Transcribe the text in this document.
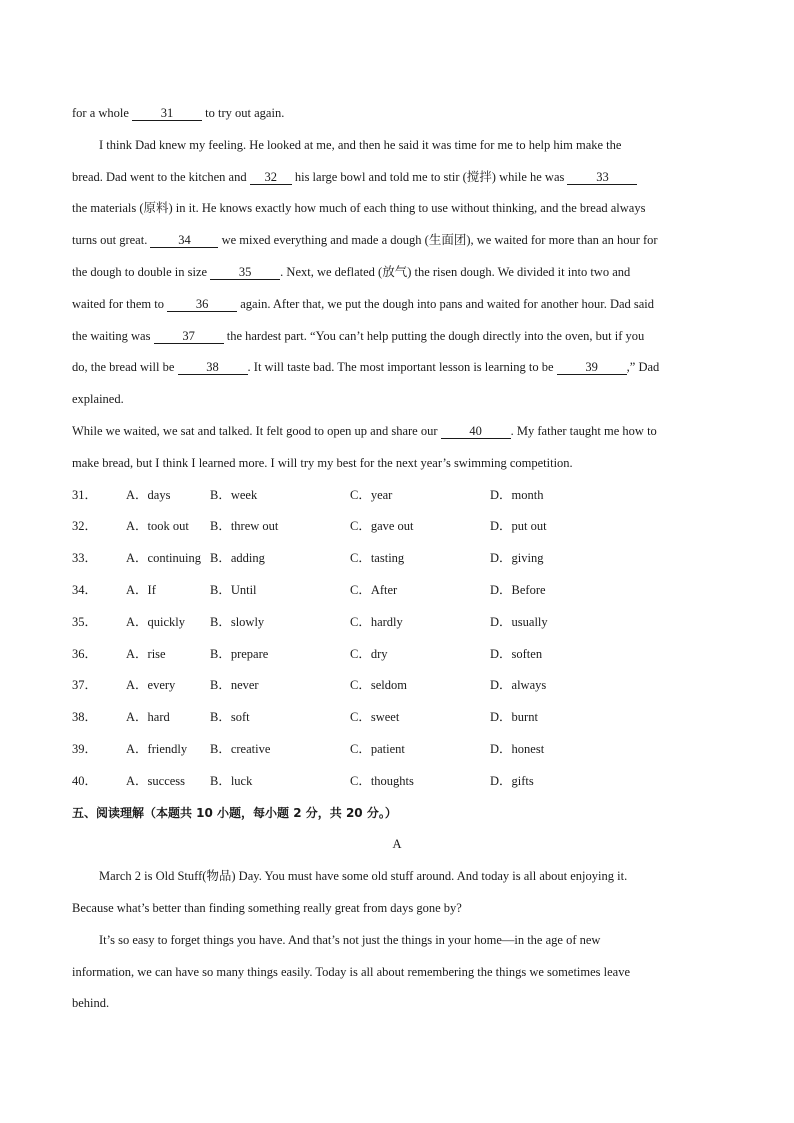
for a whole 31 to try out again.
I think Dad knew my feeling. He looked at me, and then he said it was time for me to help him make the
bread. Dad went to the kitchen and 32 his large bowl and told me to stir (搅拌) while he was 33
the materials (原料) in it. He knows exactly how much of each thing to use without thinking, and the bread always
turns out great. 34 we mixed everything and made a dough (生面团), we waited for more than an hour for
the dough to double in size 35 . Next, we deflated (放气) the risen dough. We divided it into two and
waited for them to 36 again. After that, we put the dough into pans and waited for another hour. Dad said
the waiting was 37 the hardest part. “You can’t help putting the dough directly into the oven, but if you
do, the bread will be 38 . It will taste bad. The most important lesson is learning to be 39 ,” Dad
explained.
While we waited, we sat and talked. It felt good to open up and share our 40 . My father taught me how to
make bread, but I think I learned more. I will try my best for the next year’s swimming competition.
31．	A．days	B．week	C．year	D．month
32．	A．took out	B．threw out	C．gave out	D．put out
33．	A．continuing B．adding	C．tasting	D．giving
34．	A．If	B．Until	C．After	D．Before
35．	A．quickly	B．slowly	C．hardly	D．usually
36．	A．rise	B．prepare	C．dry	D．soften
37．	A．every	B．never	C．seldom	D．always
38．	A．hard	B．soft	C．sweet	D．burnt
39．	A．friendly	B．creative	C．patient	D．honest
40．	A．success	B．luck	C．thoughts	D．gifts
五、阅读理解（本题共 10 小题，每小题 2 分，共 20 分。）
A
March 2 is Old Stuff(物品) Day. You must have some old stuff around. And today is all about enjoying it.
Because what’s better than finding something really great from days gone by?
It’s so easy to forget things you have. And that’s not just the things in your home—in the age of new
information, we can have so many things easily. Today is all about remembering the things we sometimes leave
behind.
